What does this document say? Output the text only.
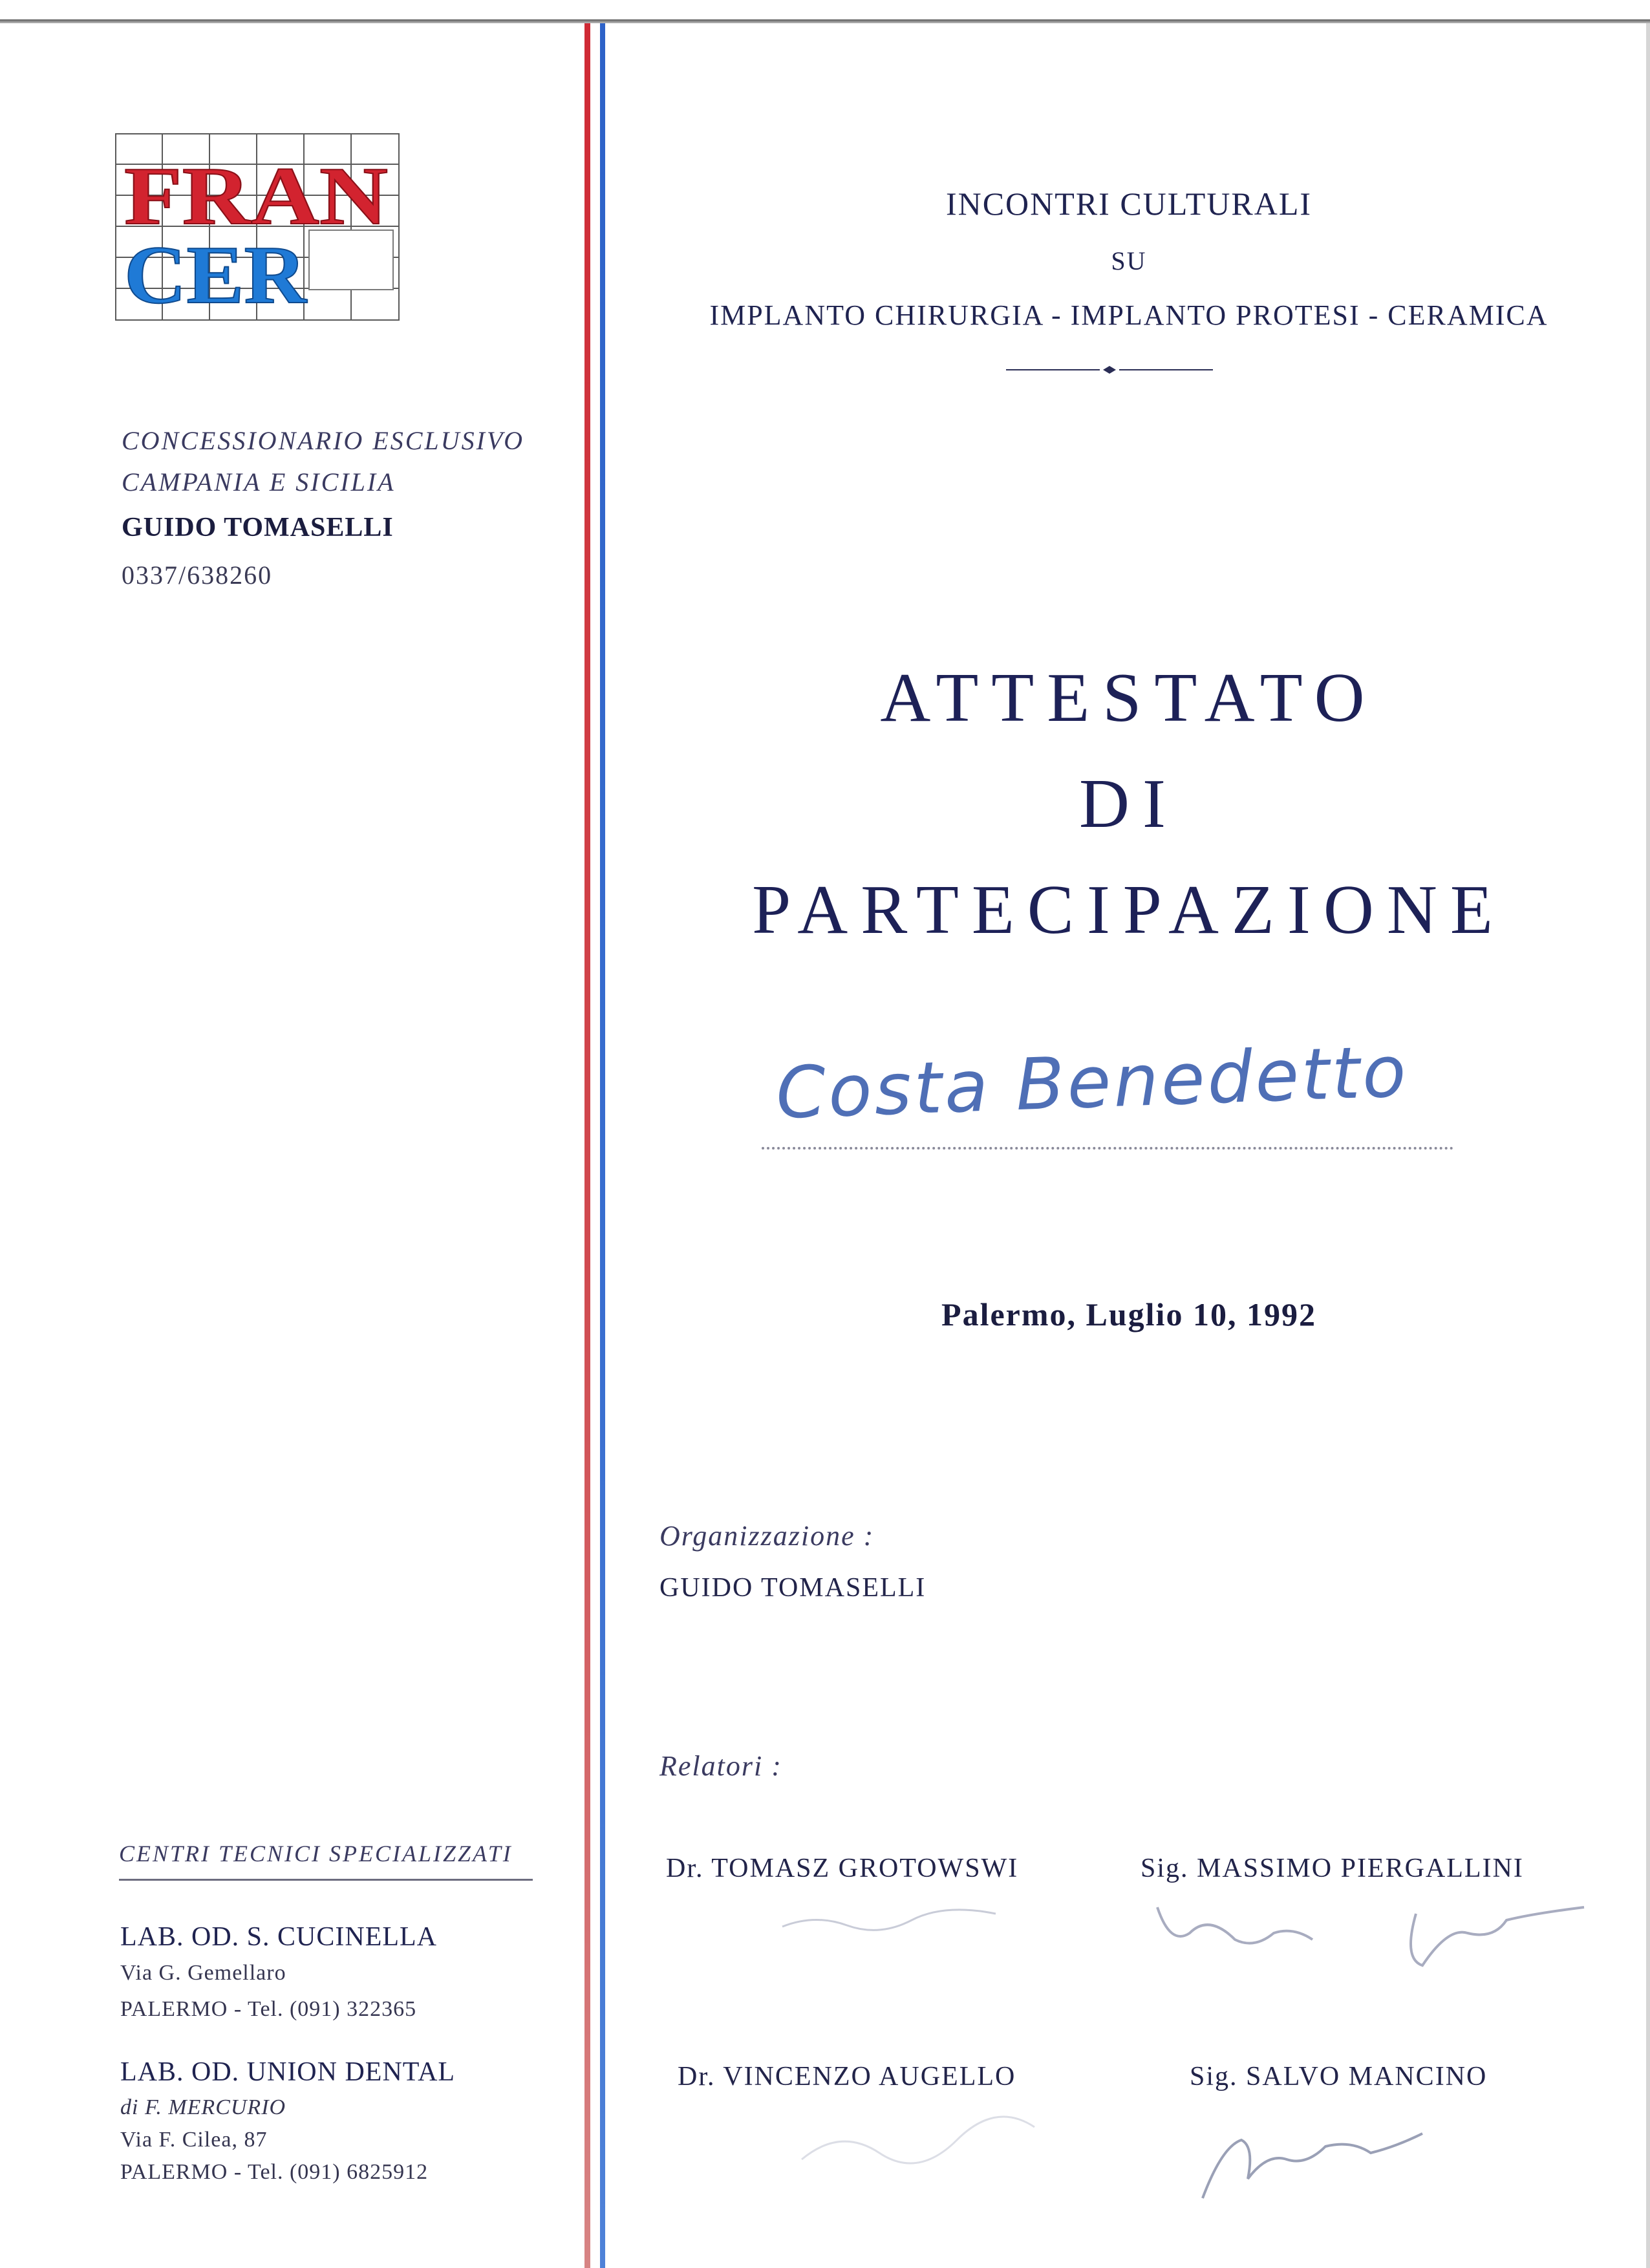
FRAN
CER
CONCESSIONARIO ESCLUSIVO
CAMPANIA E SICILIA
GUIDO TOMASELLI
0337/638260
CENTRI TECNICI SPECIALIZZATI
LAB. OD. S. CUCINELLA
Via G. Gemellaro
PALERMO - Tel. (091) 322365
LAB. OD. UNION DENTAL
di F. MERCURIO
Via F. Cilea, 87
PALERMO - Tel. (091) 6825912
INCONTRI CULTURALI
SU
IMPLANTO CHIRURGIA - IMPLANTO PROTESI - CERAMICA
ATTESTATO
DI
PARTECIPAZIONE
Costa Benedetto
Palermo, Luglio 10, 1992
Organizzazione :
GUIDO TOMASELLI
Relatori :
Dr. TOMASZ GROTOWSWI	Sig. MASSIMO PIERGALLINI
Dr. VINCENZO AUGELLO	Sig. SALVO MANCINO
